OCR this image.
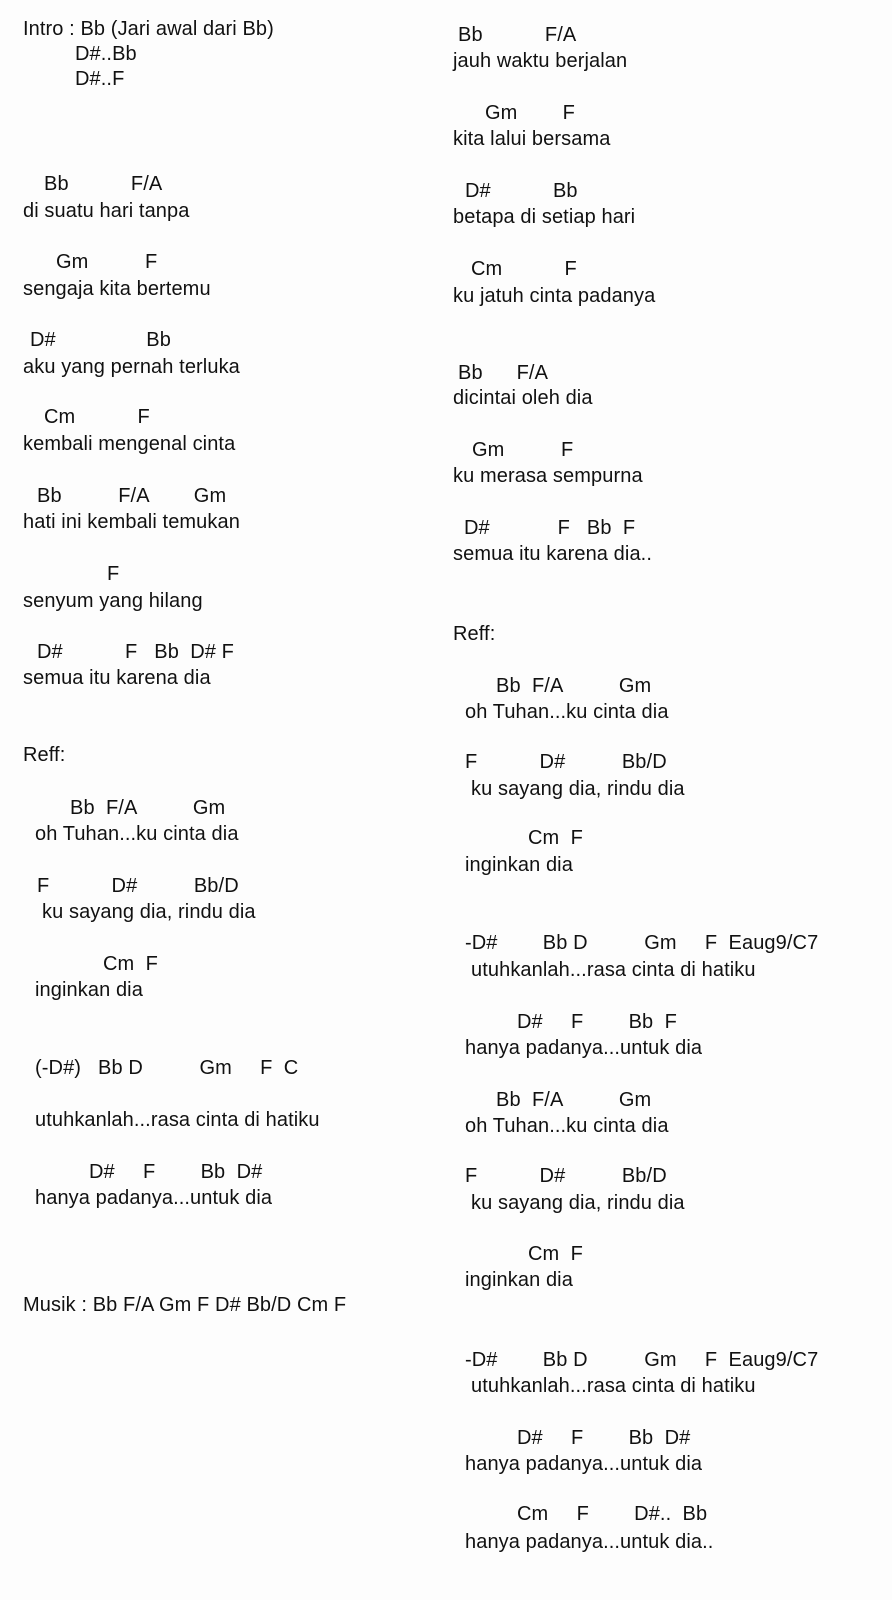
Intro : Bb (Jari awal dari Bb)
D#..Bb
D#..F
Bb           F/A
di suatu hari tanpa
Gm          F
sengaja kita bertemu
D#                Bb
aku yang pernah terluka
Cm           F
kembali mengenal cinta
Bb          F/A        Gm
hati ini kembali temukan
F
senyum yang hilang
D#           F   Bb  D# F
semua itu karena dia
Reff:
Bb  F/A          Gm
oh Tuhan...ku cinta dia
F           D#          Bb/D
ku sayang dia, rindu dia
Cm  F
inginkan dia
(-D#)   Bb D          Gm     F  C
utuhkanlah...rasa cinta di hatiku
D#     F        Bb  D#
hanya padanya...untuk dia
Musik : Bb F/A Gm F D# Bb/D Cm F
Bb           F/A
jauh waktu berjalan
Gm        F
kita lalui bersama
D#           Bb
betapa di setiap hari
Cm           F
ku jatuh cinta padanya
Bb      F/A
dicintai oleh dia
Gm          F
ku merasa sempurna
D#            F   Bb  F
semua itu karena dia..
Reff:
Bb  F/A          Gm
oh Tuhan...ku cinta dia
F           D#          Bb/D
ku sayang dia, rindu dia
Cm  F
inginkan dia
-D#        Bb D          Gm     F  Eaug9/C7
utuhkanlah...rasa cinta di hatiku
D#     F        Bb  F
hanya padanya...untuk dia
Bb  F/A          Gm
oh Tuhan...ku cinta dia
F           D#          Bb/D
ku sayang dia, rindu dia
Cm  F
inginkan dia
-D#        Bb D          Gm     F  Eaug9/C7
utuhkanlah...rasa cinta di hatiku
D#     F        Bb  D#
hanya padanya...untuk dia
Cm     F        D#..  Bb
hanya padanya...untuk dia..
